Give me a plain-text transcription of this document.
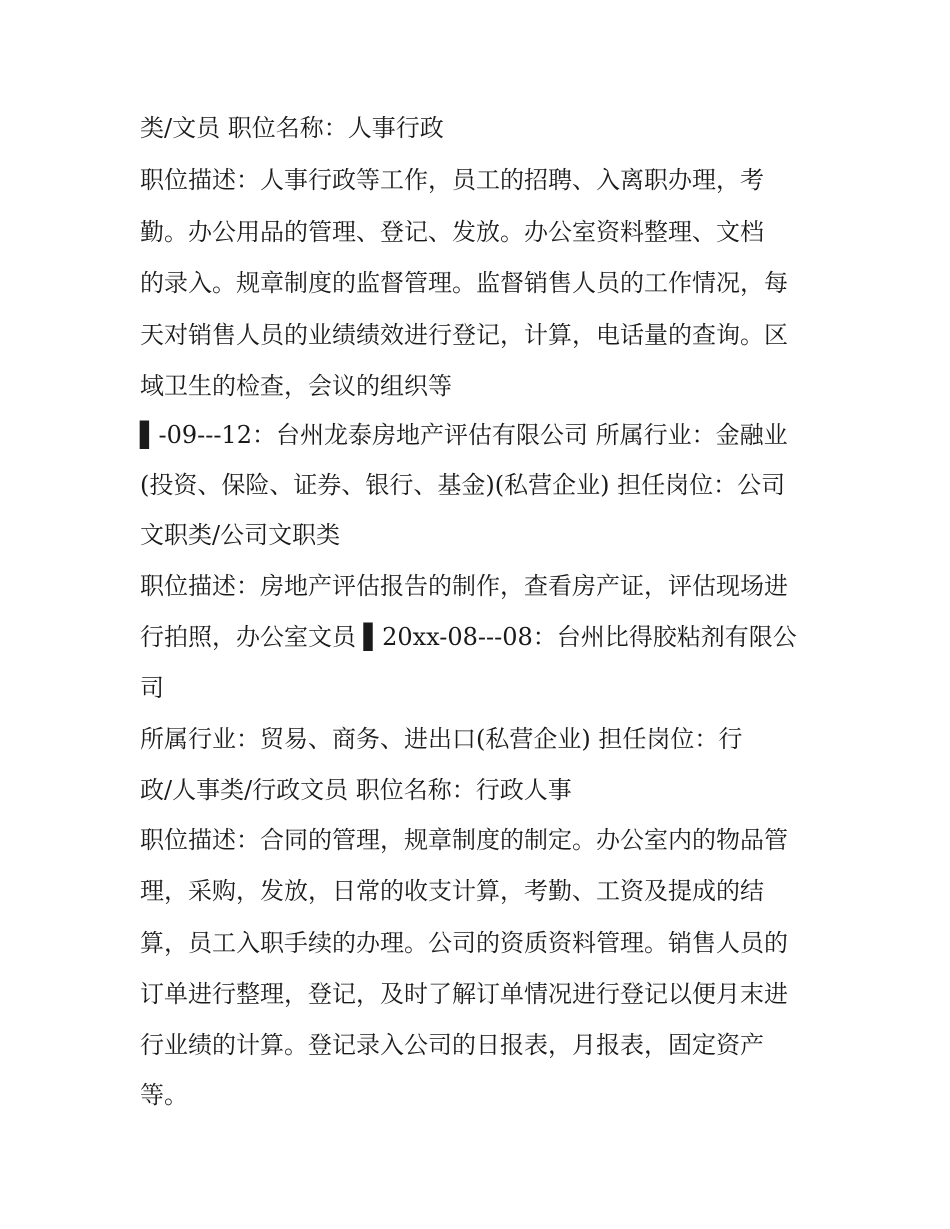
类/文员 职位名称：人事行政
职位描述：人事行政等工作，员工的招聘、入离职办理，考
勤。办公用品的管理、登记、发放。办公室资料整理、文档
的录入。规章制度的监督管理。监督销售人员的工作情况，每
天对销售人员的业绩绩效进行登记，计算，电话量的查询。区
域卫生的检查，会议的组织等
▌-09---12：台州龙泰房地产评估有限公司 所属行业：金融业
(投资、保险、证券、银行、基金)(私营企业) 担任岗位：公司
文职类/公司文职类
职位描述：房地产评估报告的制作，查看房产证，评估现场进
行拍照，办公室文员 ▌20xx-08---08：台州比得胶粘剂有限公
司
所属行业：贸易、商务、进出口(私营企业) 担任岗位：行
政/人事类/行政文员 职位名称：行政人事
职位描述：合同的管理，规章制度的制定。办公室内的物品管
理，采购，发放，日常的收支计算，考勤、工资及提成的结
算，员工入职手续的办理。公司的资质资料管理。销售人员的
订单进行整理，登记，及时了解订单情况进行登记以便月末进
行业绩的计算。登记录入公司的日报表，月报表，固定资产
等。
